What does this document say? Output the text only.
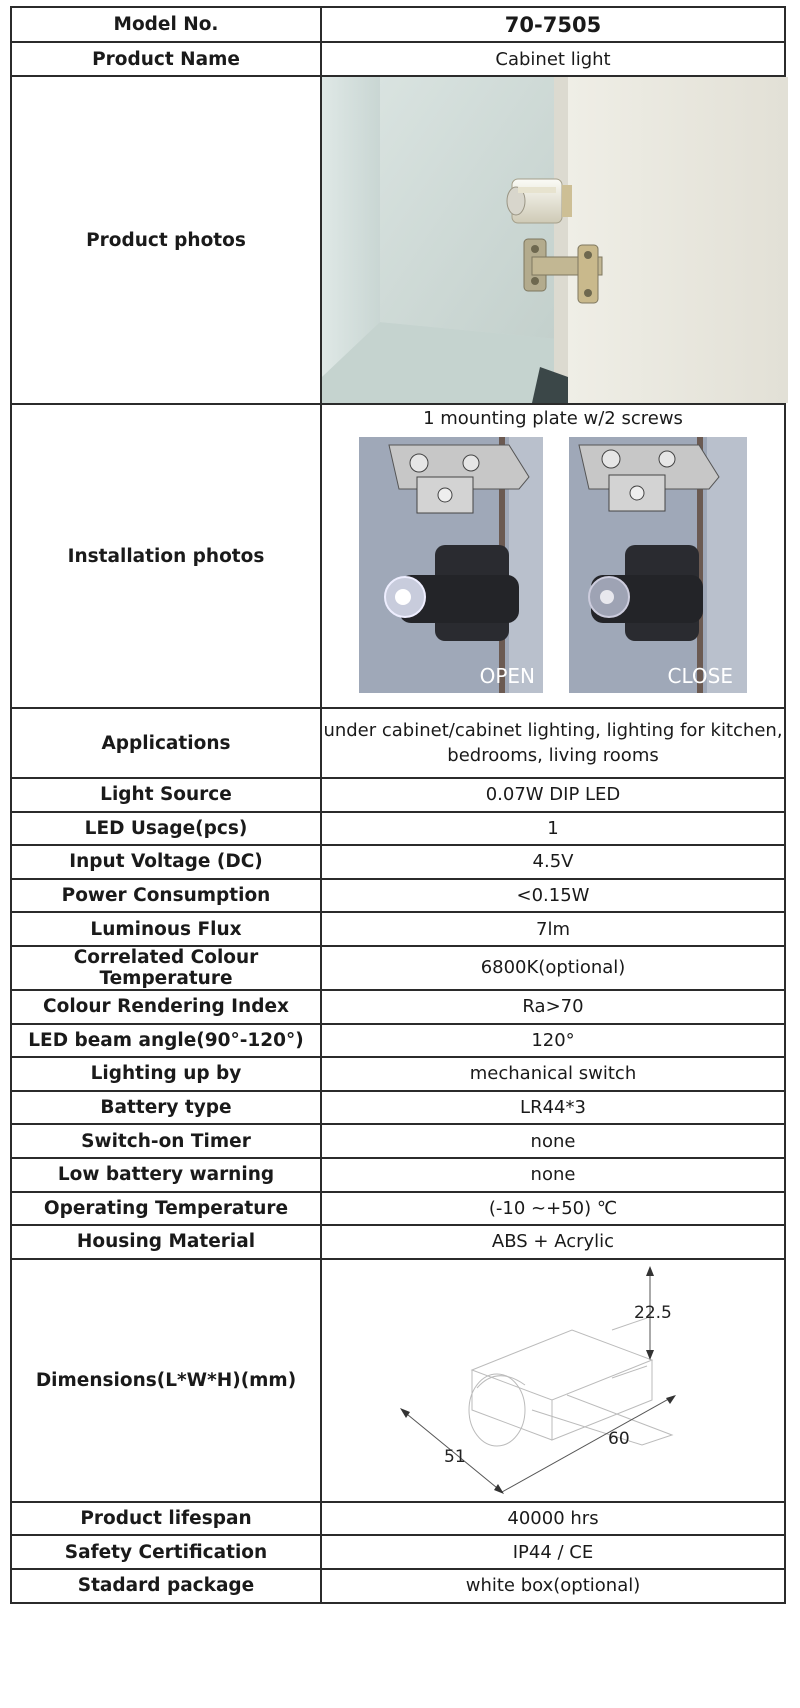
Model No.	70-7505
Product Name	Cabinet light
Product photos	

Installation photos	1 mounting plate w/2 screws
OPEN CLOSE

Applications	under cabinet/cabinet lighting, lighting for kitchen,
bedrooms, living rooms

Light Source	0.07W DIP LED
LED Usage(pcs)	1
Input Voltage (DC)	4.5V
Power Consumption	<0.15W
Luminous Flux	7lm
Correlated Colour Temperature	6800K(optional)
Colour Rendering Index	Ra>70
LED beam angle(90°-120°)	120°
Lighting up by	mechanical switch
Battery type	LR44*3
Switch-on Timer	none
Low battery warning	none
Operating Temperature	(-10 ~+50) ℃
Housing Material	ABS + Acrylic
Dimensions(L*W*H)(mm)	22.5
60
51

Product lifespan	40000 hrs
Safety Certification	IP44 / CE
Stadard package	white box(optional)
